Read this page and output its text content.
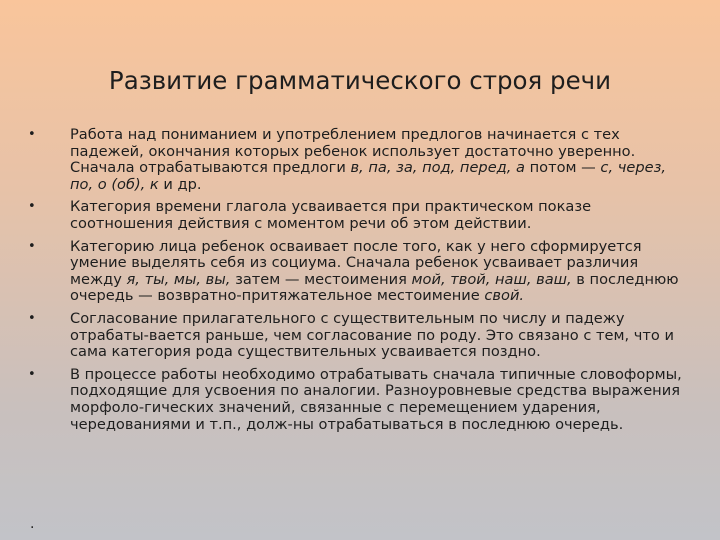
Развитие грамматического строя речи
• Работа над пониманием и употреблением предлогов начинается с тех падежей, окончания которых ребенок использует достаточно уверенно. Сначала отрабатываются предлоги в, па, за, под, перед, а потом — с, через, по, о (об), к и др.
• Категория времени глагола усваивается при практическом показе соотношения действия с моментом речи об этом действии.
• Категорию лица ребенок осваивает после того, как у него сформируется умение выделять себя из социума. Сначала ребенок усваивает различия между я, ты, мы, вы, затем — местоимения мой, твой, наш, ваш, в последнюю очередь — возвратно-притяжательное местоимение свой.
• Согласование прилагательного с существительным по числу и падежу отрабаты-вается раньше, чем согласование по роду. Это связано с тем, что и сама категория рода существительных усваивается поздно.
• В процессе работы необходимо отрабатывать сначала типичные словоформы, подходящие для усвоения по аналогии. Разноуровневые средства выражения морфоло-гических значений, связанные с перемещением ударения, чередованиями и т.п., долж-ны отрабатываться в последнюю очередь.
.
